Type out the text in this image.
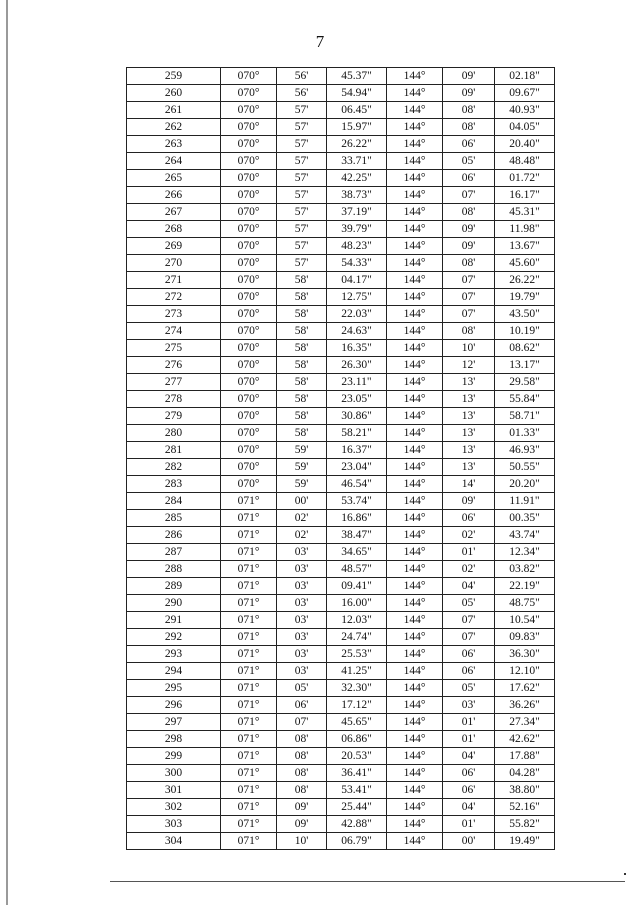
7
259	070°	56'	45.37"	144°	09'	02.18"
260	070°	56'	54.94"	144°	09'	09.67"
261	070°	57'	06.45"	144°	08'	40.93"
262	070°	57'	15.97"	144°	08'	04.05"
263	070°	57'	26.22"	144°	06'	20.40"
264	070°	57'	33.71"	144°	05'	48.48"
265	070°	57'	42.25"	144°	06'	01.72"
266	070°	57'	38.73"	144°	07'	16.17"
267	070°	57'	37.19"	144°	08'	45.31"
268	070°	57'	39.79"	144°	09'	11.98"
269	070°	57'	48.23"	144°	09'	13.67"
270	070°	57'	54.33"	144°	08'	45.60"
271	070°	58'	04.17"	144°	07'	26.22"
272	070°	58'	12.75"	144°	07'	19.79"
273	070°	58'	22.03"	144°	07'	43.50"
274	070°	58'	24.63"	144°	08'	10.19"
275	070°	58'	16.35"	144°	10'	08.62"
276	070°	58'	26.30"	144°	12'	13.17"
277	070°	58'	23.11"	144°	13'	29.58"
278	070°	58'	23.05"	144°	13'	55.84"
279	070°	58'	30.86"	144°	13'	58.71"
280	070°	58'	58.21"	144°	13'	01.33"
281	070°	59'	16.37"	144°	13'	46.93"
282	070°	59'	23.04"	144°	13'	50.55"
283	070°	59'	46.54"	144°	14'	20.20"
284	071°	00'	53.74"	144°	09'	11.91"
285	071°	02'	16.86"	144°	06'	00.35"
286	071°	02'	38.47"	144°	02'	43.74"
287	071°	03'	34.65"	144°	01'	12.34"
288	071°	03'	48.57"	144°	02'	03.82"
289	071°	03'	09.41"	144°	04'	22.19"
290	071°	03'	16.00"	144°	05'	48.75"
291	071°	03'	12.03"	144°	07'	10.54"
292	071°	03'	24.74"	144°	07'	09.83"
293	071°	03'	25.53"	144°	06'	36.30"
294	071°	03'	41.25"	144°	06'	12.10"
295	071°	05'	32.30"	144°	05'	17.62"
296	071°	06'	17.12"	144°	03'	36.26"
297	071°	07'	45.65"	144°	01'	27.34"
298	071°	08'	06.86"	144°	01'	42.62"
299	071°	08'	20.53"	144°	04'	17.88"
300	071°	08'	36.41"	144°	06'	04.28"
301	071°	08'	53.41"	144°	06'	38.80"
302	071°	09'	25.44"	144°	04'	52.16"
303	071°	09'	42.88"	144°	01'	55.82"
304	071°	10'	06.79"	144°	00'	19.49"
